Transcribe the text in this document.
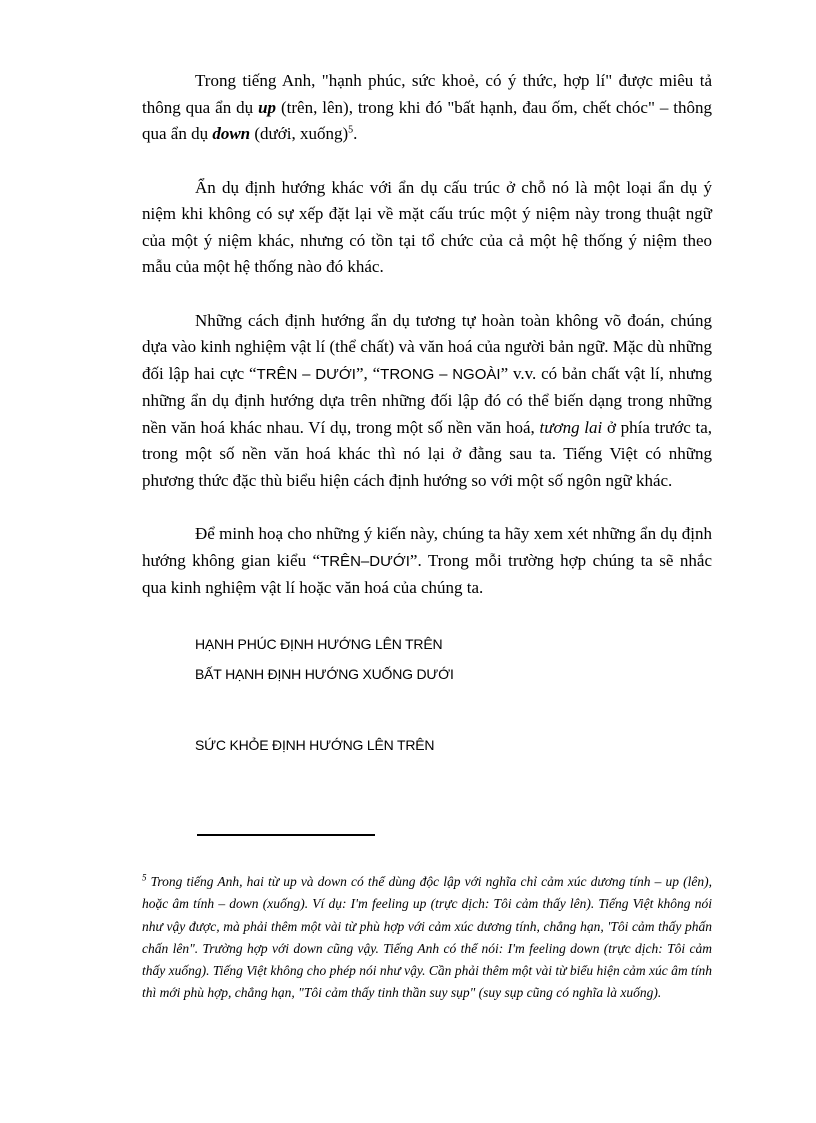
Trong tiếng Anh, "hạnh phúc, sức khoẻ, có ý thức, hợp lí" được miêu tả thông qua ẩn dụ up (trên, lên), trong khi đó "bất hạnh, đau ốm, chết chóc" – thông qua ẩn dụ down (dưới, xuống)$^5$.

Ẩn dụ định hướng khác với ẩn dụ cấu trúc ở chỗ nó là một loại ẩn dụ ý niệm khi không có sự xếp đặt lại về mặt cấu trúc một ý niệm này trong thuật ngữ của một ý niệm khác, nhưng có tồn tại tổ chức của cả một hệ thống ý niệm theo mẫu của một hệ thống nào đó khác.

Những cách định hướng ẩn dụ tương tự hoàn toàn không võ đoán, chúng dựa vào kinh nghiệm vật lí (thể chất) và văn hoá của người bản ngữ. Mặc dù những đối lập hai cực “TRÊN – DƯỚI”, “TRONG – NGOÀI” v.v. có bản chất vật lí, nhưng những ẩn dụ định hướng dựa trên những đối lập đó có thể biến dạng trong những nền văn hoá khác nhau. Ví dụ, trong một số nền văn hoá, tương lai ở phía trước ta, trong một số nền văn hoá khác thì nó lại ở đằng sau ta. Tiếng Việt có những phương thức đặc thù biểu hiện cách định hướng so với một số ngôn ngữ khác.

Để minh hoạ cho những ý kiến này, chúng ta hãy xem xét những ẩn dụ định hướng không gian kiểu “TRÊN–DƯỚI”. Trong mỗi trường hợp chúng ta sẽ nhắc qua kinh nghiệm vật lí hoặc văn hoá của chúng ta.

HẠNH PHÚC ĐỊNH HƯỚNG LÊN TRÊN
BẤT HẠNH ĐỊNH HƯỚNG XUỐNG DƯỚI
SỨC KHỎE ĐỊNH HƯỚNG LÊN TRÊN
$^5$ Trong tiếng Anh, hai từ up và down có thể dùng độc lập với nghĩa chỉ cảm xúc dương tính – up (lên), hoặc âm tính – down (xuống). Ví dụ: I'm feeling up (trực dịch: Tôi cảm thấy lên). Tiếng Việt không nói như vậy được, mà phải thêm một vài từ phù hợp với cảm xúc dương tính, chẳng hạn, 'Tôi cảm thấy phấn chấn lên". Trường hợp với down cũng vậy. Tiếng Anh có thể nói: I'm feeling down (trực dịch: Tôi cảm thấy xuống). Tiếng Việt không cho phép nói như vậy. Cần phải thêm một vài từ biểu hiện cảm xúc âm tính thì mới phù hợp, chẳng hạn, "Tôi cảm thấy tinh thần suy sụp" (suy sụp cũng có nghĩa là xuống).
